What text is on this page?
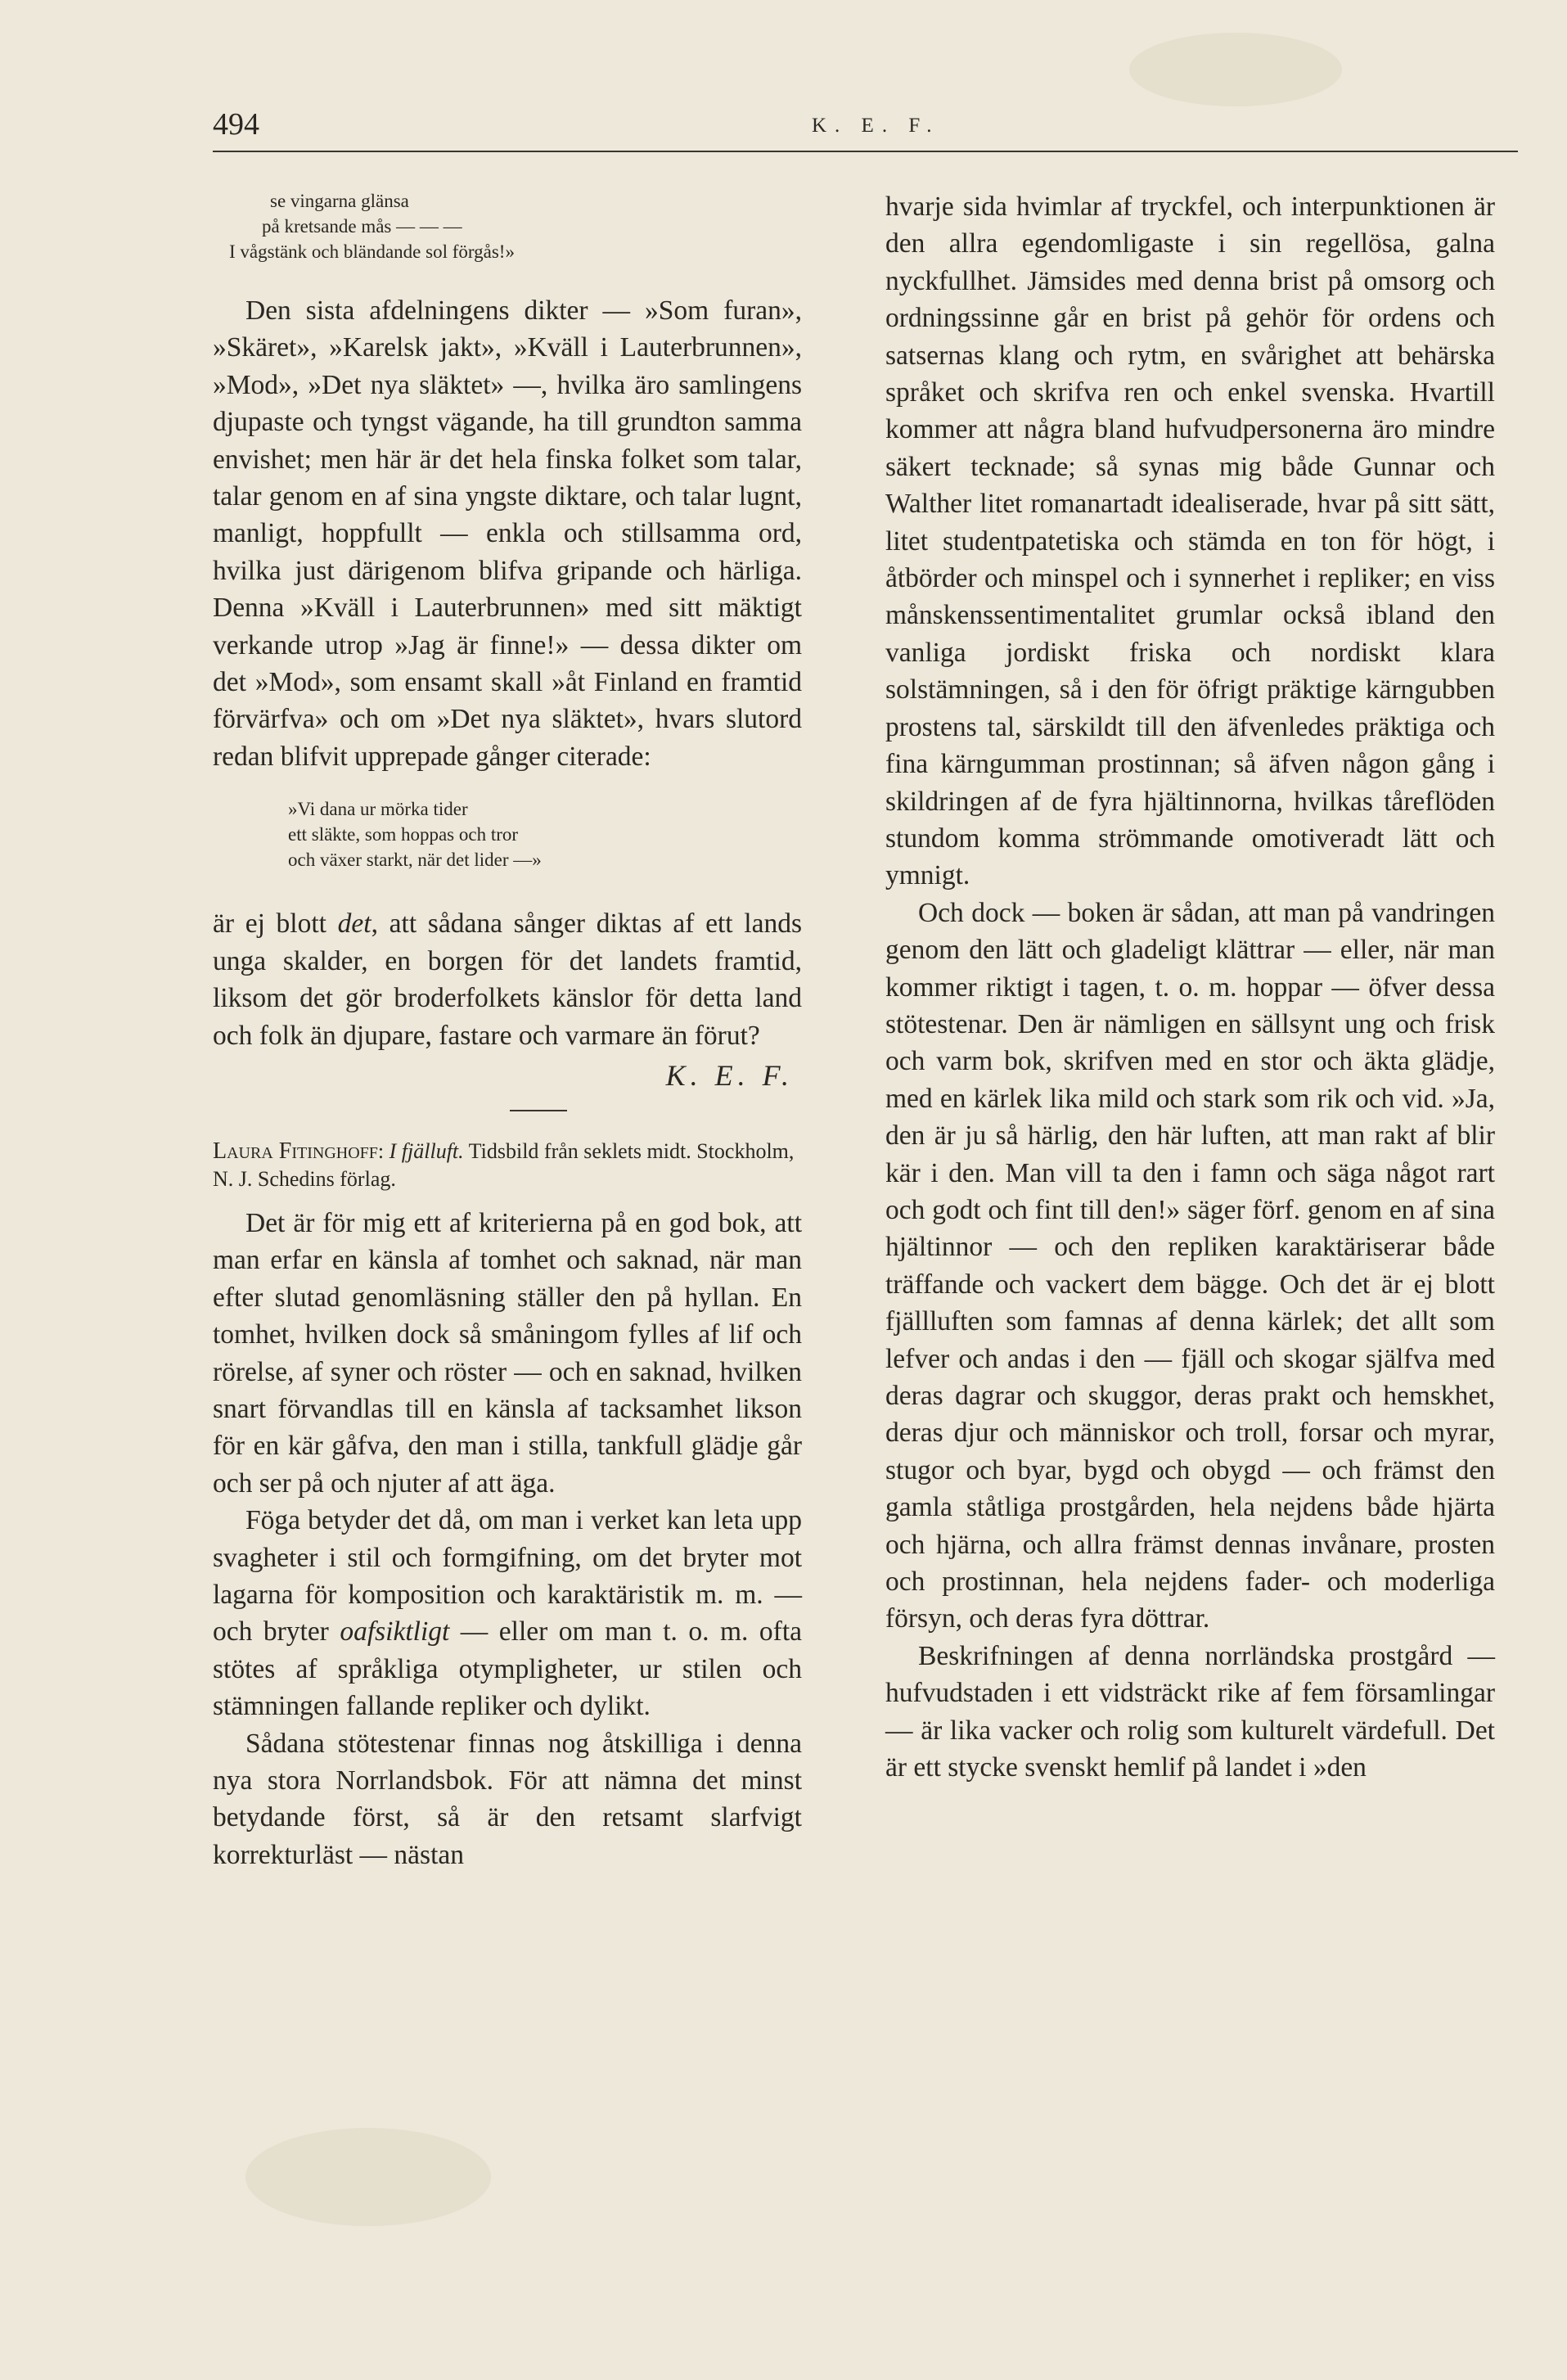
494	K. E. F.
se vingarna glänsa
på kretsande mås — — —
I vågstänk och bländande sol förgås!»

Den sista afdelningens dikter — »Som furan», »Skäret», »Karelsk jakt», »Kväll i Lauterbrunnen», »Mod», »Det nya släktet» —, hvilka äro samlingens djupaste och tyngst vägande, ha till grundton samma envishet; men här är det hela finska folket som talar, talar genom en af sina yngste diktare, och talar lugnt, manligt, hoppfullt — enkla och stillsamma ord, hvilka just därigenom blifva gripande och härliga. Denna »Kväll i Lauterbrunnen» med sitt mäktigt verkande utrop »Jag är finne!» — dessa dikter om det »Mod», som ensamt skall »åt Finland en framtid förvärfva» och om »Det nya släktet», hvars slutord redan blifvit upprepade gånger citerade:

»Vi dana ur mörka tider
ett släkte, som hoppas och tror
och växer starkt, när det lider —»

är ej blott det, att sådana sånger diktas af ett lands unga skalder, en borgen för det landets framtid, liksom det gör broderfolkets känslor för detta land och folk än djupare, fastare och varmare än förut?

K. E. F.
Laura Fitinghoff: I fjälluft. Tidsbild från seklets midt. Stockholm, N. J. Schedins förlag.

Det är för mig ett af kriterierna på en god bok, att man erfar en känsla af tomhet och saknad, när man efter slutad genomläsning ställer den på hyllan. En tomhet, hvilken dock så småningom fylles af lif och rörelse, af syner och röster — och en saknad, hvilken snart förvandlas till en känsla af tacksamhet likson för en kär gåfva, den man i stilla, tankfull glädje går och ser på och njuter af att äga.

Föga betyder det då, om man i verket kan leta upp svagheter i stil och formgifning, om det bryter mot lagarna för komposition och karaktäristik m. m. — och bryter oafsiktligt — eller om man t. o. m. ofta stötes af språkliga otympligheter, ur stilen och stämningen fallande repliker och dylikt.

Sådana stötestenar finnas nog åtskilliga i denna nya stora Norrlandsbok. För att nämna det minst betydande först, så är den retsamt slarfvigt korrekturläst — nästan

hvarje sida hvimlar af tryckfel, och interpunktionen är den allra egendomligaste i sin regellösa, galna nyckfullhet. Jämsides med denna brist på omsorg och ordningssinne går en brist på gehör för ordens och satsernas klang och rytm, en svårighet att behärska språket och skrifva ren och enkel svenska. Hvartill kommer att några bland hufvudpersonerna äro mindre säkert tecknade; så synas mig både Gunnar och Walther litet romanartadt idealiserade, hvar på sitt sätt, litet studentpatetiska och stämda en ton för högt, i åtbörder och minspel och i synnerhet i repliker; en viss månskenssentimentalitet grumlar också ibland den vanliga jordiskt friska och nordiskt klara solstämningen, så i den för öfrigt präktige kärngubben prostens tal, särskildt till den äfvenledes präktiga och fina kärngumman prostinnan; så äfven någon gång i skildringen af de fyra hjältinnorna, hvilkas tåreflöden stundom komma strömmande omotiveradt lätt och ymnigt.

Och dock — boken är sådan, att man på vandringen genom den lätt och gladeligt klättrar — eller, när man kommer riktigt i tagen, t. o. m. hoppar — öfver dessa stötestenar. Den är nämligen en sällsynt ung och frisk och varm bok, skrifven med en stor och äkta glädje, med en kärlek lika mild och stark som rik och vid. »Ja, den är ju så härlig, den här luften, att man rakt af blir kär i den. Man vill ta den i famn och säga något rart och godt och fint till den!» säger förf. genom en af sina hjältinnor — och den repliken karaktäriserar både träffande och vackert dem bägge. Och det är ej blott fjällluften som famnas af denna kärlek; det allt som lefver och andas i den — fjäll och skogar själfva med deras dagrar och skuggor, deras prakt och hemskhet, deras djur och människor och troll, forsar och myrar, stugor och byar, bygd och obygd — och främst den gamla ståtliga prostgården, hela nejdens både hjärta och hjärna, och allra främst dennas invånare, prosten och prostinnan, hela nejdens fader- och moderliga försyn, och deras fyra döttrar.

Beskrifningen af denna norrländska prostgård — hufvudstaden i ett vidsträckt rike af fem församlingar — är lika vacker och rolig som kulturelt värdefull. Det är ett stycke svenskt hemlif på landet i »den
